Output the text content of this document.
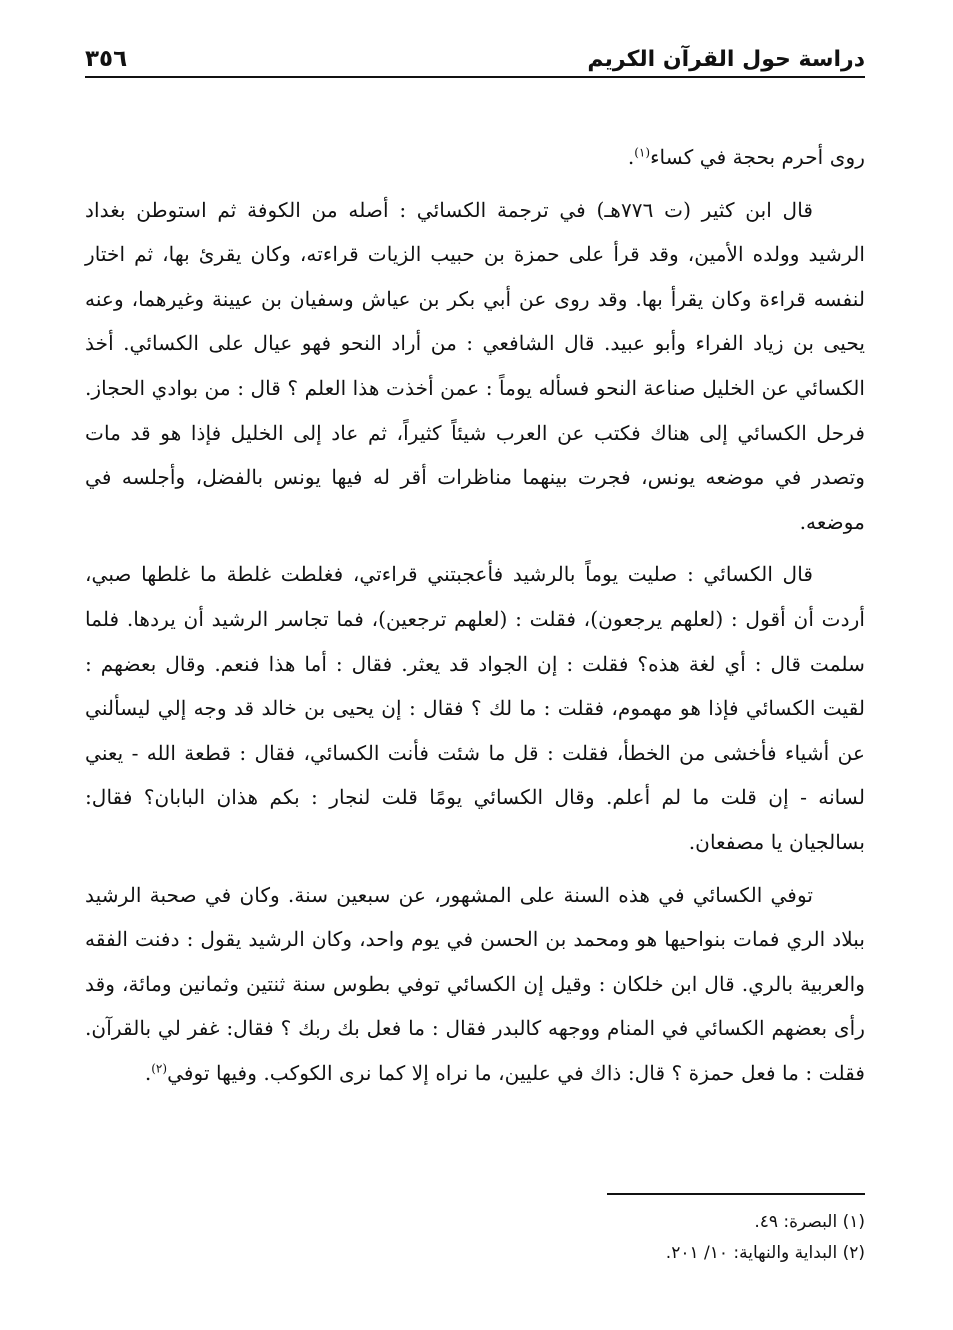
دراسة حول القرآن الكريم
٣٥٦

روى أحرم بحجة في كساء$^{(١)}$.

قال ابن كثير (ت ٧٧٦هـ) في ترجمة الكسائي : أصله من الكوفة ثم استوطن بغداد الرشيد وولده الأمين، وقد قرأ على حمزة بن حبيب الزيات قراءته، وكان يقرئ بها، ثم اختار لنفسه قراءة وكان يقرأ بها. وقد روى عن أبي بكر بن عياش وسفيان بن عيينة وغيرهما، وعنه يحيى بن زياد الفراء وأبو عبيد. قال الشافعي : من أراد النحو فهو عيال على الكسائي. أخذ الكسائي عن الخليل صناعة النحو فسأله يوماً : عمن أخذت هذا العلم ؟ قال : من بوادي الحجاز. فرحل الكسائي إلى هناك فكتب عن العرب شيئاً كثيراً، ثم عاد إلى الخليل فإذا هو قد مات وتصدر في موضعه يونس، فجرت بينهما مناظرات أقر له فيها يونس بالفضل، وأجلسه في موضعه.

قال الكسائي : صليت يوماً بالرشيد فأعجبتني قراءتي، فغلطت غلطة ما غلطها صبي، أردت أن أقول : (لعلهم يرجعون)، فقلت : (لعلهم ترجعين)، فما تجاسر الرشيد أن يردها. فلما سلمت قال : أي لغة هذه؟ فقلت : إن الجواد قد يعثر. فقال : أما هذا فنعم. وقال بعضهم : لقيت الكسائي فإذا هو مهموم، فقلت : ما لك ؟ فقال : إن يحيى بن خالد قد وجه إلي ليسألني عن أشياء فأخشى من الخطأ، فقلت : قل ما شئت فأنت الكسائي، فقال : قطعة الله - يعني لسانه - إن قلت ما لم أعلم. وقال الكسائي يومًا قلت لنجار : بكم هذان البابان؟ فقال: بسالجيان يا مصفعان.

توفي الكسائي في هذه السنة على المشهور، عن سبعين سنة. وكان في صحبة الرشيد ببلاد الري فمات بنواحيها هو ومحمد بن الحسن في يوم واحد، وكان الرشيد يقول : دفنت الفقه والعربية بالري. قال ابن خلكان : وقيل إن الكسائي توفي بطوس سنة ثنتين وثمانين ومائة، وقد رأى بعضهم الكسائي في المنام ووجهه كالبدر فقال : ما فعل بك ربك ؟ فقال: غفر لي بالقرآن. فقلت : ما فعل حمزة ؟ قال: ذاك في عليين، ما نراه إلا كما نرى الكوكب. وفيها توفي$^{(٢)}$.

(١) البصرة: ٤٩.

(٢) البداية والنهاية: ١٠/ ٢٠١.
